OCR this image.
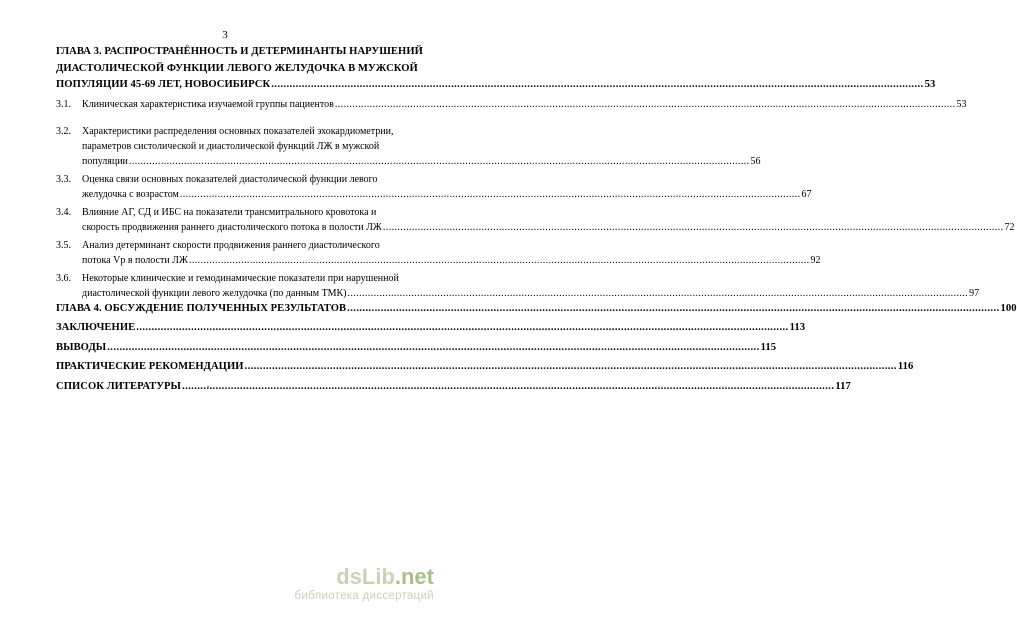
3
ГЛАВА 3. РАСПРОСТРАНЁННОСТЬ И ДЕТЕРМИНАНТЫ НАРУШЕНИЙ
ДИАСТОЛИЧЕСКОЙ ФУНКЦИИ ЛЕВОГО ЖЕЛУДОЧКА В МУЖСКОЙ
ПОПУЛЯЦИИ 45-69 ЛЕТ, НОВОСИБИРСК .....	53
3.1. Клиническая характеристика изучаемой группы пациентов .....	53
3.2.	Характеристики распределения основных показателей эхокардиометрии,
параметров систолической и диастолической функций ЛЖ в мужской
популяции .....	56
3.3.	Оценка связи основных показателей диастолической функции левого
желудочка с возрастом .....	67
3.4.	Влияние АГ, СД и ИБС на показатели трансмитрального кровотока и
скорость продвижения раннего диастолического потока в полости ЛЖ .....	72
3.5.	Анализ детерминант скорости продвижения раннего диастолического
потока Vp в полости ЛЖ .....	92
3.6.	Некоторые клинические и гемодинамические показатели при нарушенной
диастолической функции левого желудочка (по данным ТМК) .....	97
ГЛАВА 4. ОБСУЖДЕНИЕ ПОЛУЧЕННЫХ РЕЗУЛЬТАТОВ .....	100
ЗАКЛЮЧЕНИЕ .....	113
ВЫВОДЫ .....	115
ПРАКТИЧЕСКИЕ РЕКОМЕНДАЦИИ .....	116
СПИСОК ЛИТЕРАТУРЫ .....	117
dsLib.net
библиотека диссертаций
